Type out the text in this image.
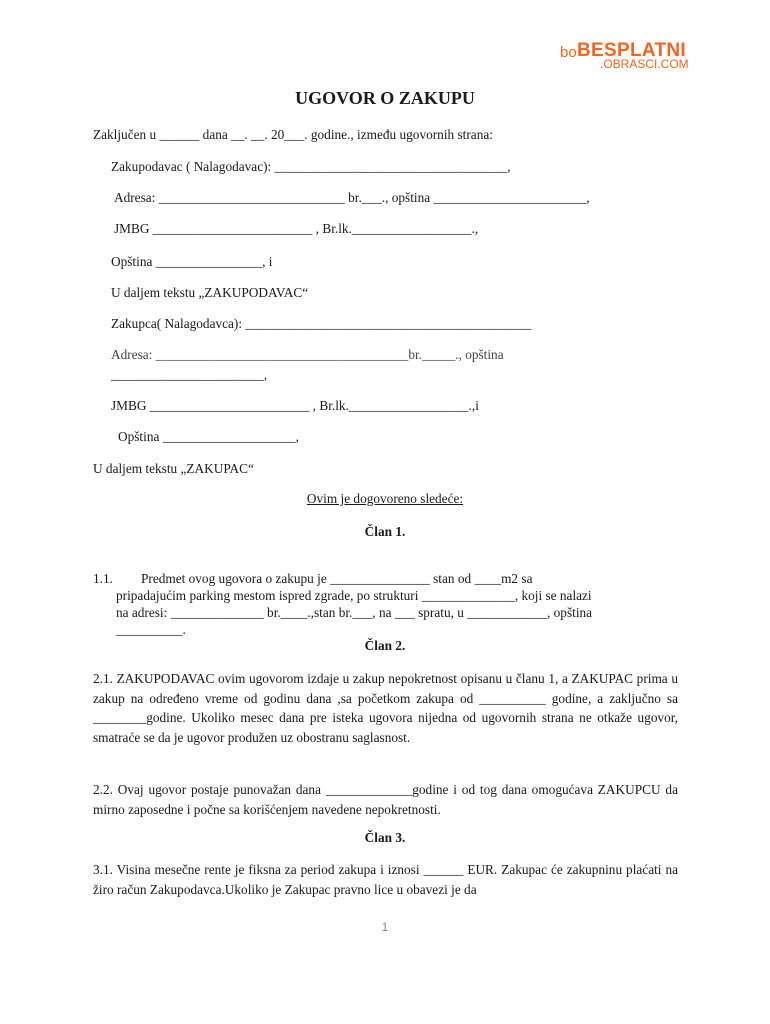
bo BESPLATNI
.OBRASCI.COM
UGOVOR O ZAKUPU
Zaključen u ______ dana __. __. 20___. godine., između ugovornih strana:
Zakupodavac ( Nalagodavac): ___________________________________,
Adresa: ____________________________ br.___., opština _______________________,
JMBG ________________________ , Br.lk.__________________.,
Opština ________________, i
U daljem tekstu „ZAKUPODAVAC“
Zakupca( Nalagodavca): ___________________________________________
Adresa: ______________________________________br._____., opština
_______________________,
JMBG ________________________ , Br.lk.__________________.,i
Opština ____________________,
U daljem tekstu „ZAKUPAC“
Ovim je dogovoreno sledeće:
Član 1.
1.1. Predmet ovog ugovora o zakupu je _______________ stan od ____m2 sa
pripadajućim parking mestom ispred zgrade, po strukturi ______________, koji se nalazi
na adresi: ______________ br.____.,stan br.___, na ___ spratu, u ____________, opština
__________.
Član 2.
2.1. ZAKUPODAVAC ovim ugovorom izdaje u zakup nepokretnost opisanu u članu 1, a ZAKUPAC prima u zakup na određeno vreme od godinu dana ,sa početkom zakupa od __________ godine, a zaključno sa ________godine. Ukoliko mesec dana pre isteka ugovora nijedna od ugovornih strana ne otkaže ugovor, smatraće se da je ugovor produžen uz obostranu saglasnost.
2.2. Ovaj ugovor postaje punovažan dana _____________godine i od tog dana omogućava ZAKUPCU da mirno zaposedne i počne sa korišćenjem navedene nepokretnosti.
Član 3.
3.1. Visina mesečne rente je fiksna za period zakupa i iznosi ______ EUR. Zakupac će zakupninu plaćati na žiro račun Zakupodavca.Ukoliko je Zakupac pravno lice u obavezi je da
1
